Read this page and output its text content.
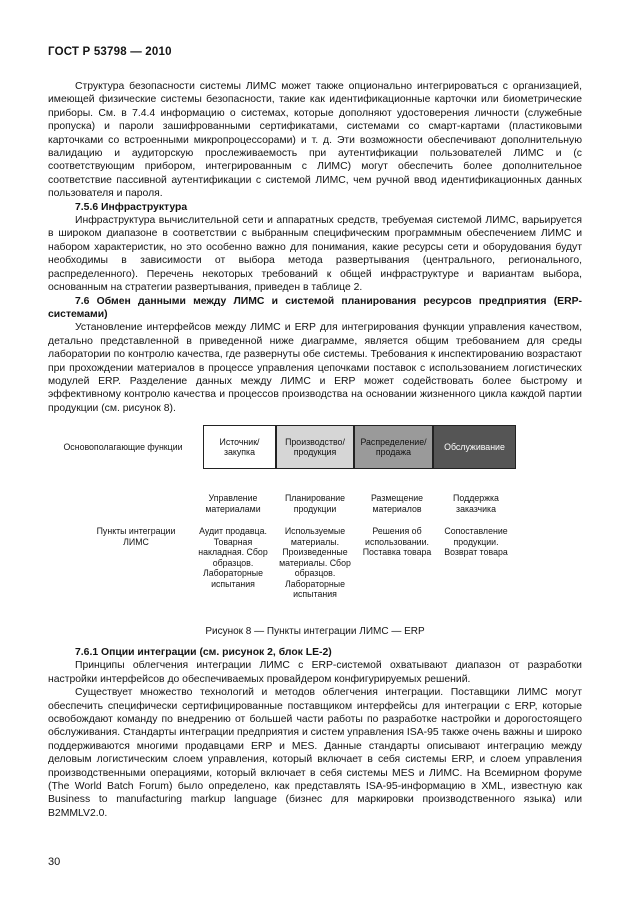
ГОСТ Р 53798 — 2010

Структура безопасности системы ЛИМС может также опционально интегрироваться с организацией, имеющей физические системы безопасности, такие как идентификационные карточки или биометрические приборы. См. в 7.4.4 информацию о системах, которые дополняют удостоверения личности (служебные пропуска) и пароли зашифрованными сертификатами, системами со смарт-картами (пластиковыми карточками со встроенными микропроцессорами) и т. д. Эти возможности обеспечивают дополнительную валидацию и аудиторскую прослеживаемость при аутентификации пользователей ЛИМС и (с соответствующим прибором, интегрированным с ЛИМС) могут обеспечить более дополнительное соответствие пассивной аутентификации с системой ЛИМС, чем ручной ввод идентификационных данных пользователя и пароля.

7.5.6 Инфраструктура

Инфраструктура вычислительной сети и аппаратных средств, требуемая системой ЛИМС, варьируется в широком диапазоне в соответствии с выбранным специфическим программным обеспечением ЛИМС и набором характеристик, но это особенно важно для понимания, какие ресурсы сети и оборудования будут необходимы в зависимости от выбора метода развертывания (центрального, регионального, распределенного). Перечень некоторых требований к общей инфраструктуре и вариантам выбора, основанным на стратегии развертывания, приведен в таблице 2.

7.6 Обмен данными между ЛИМС и системой планирования ресурсов предприятия (ERP-системами)

Установление интерфейсов между ЛИМС и ERP для интегрирования функции управления качеством, детально представленной в приведенной ниже диаграмме, является общим требованием для среды лаборатории по контролю качества, где развернуты обе системы. Требования к инспектированию возрастают при прохождении материалов в процессе управления цепочками поставок с использованием логистических модулей ERP. Разделение данных между ЛИМС и ERP может содействовать более быстрому и эффективному контролю качества и процессов производства на основании жизненного цикла каждой партии продукции (см. рисунок 8).

Основополагающие функции
Источник/ закупка
Производство/ продукция
Распределение/ продажа
Обслуживание
Управление материалами
Планирование продукции
Размещение материалов
Поддержка заказчика
Пункты интеграции ЛИМС
Аудит продавца. Товарная накладная. Сбор образцов. Лабораторные испытания
Используемые материалы. Произведенные материалы. Сбор образцов. Лабораторные испытания
Решения об использовании. Поставка товара
Сопоставление продукции. Возврат товара
Рисунок 8 — Пункты интеграции ЛИМС — ERP

7.6.1 Опции интеграции (см. рисунок 2, блок LE-2)

Принципы облегчения интеграции ЛИМС с ERP-системой охватывают диапазон от разработки настройки интерфейсов до обеспечиваемых провайдером конфигурируемых решений.

Существует множество технологий и методов облегчения интеграции. Поставщики ЛИМС могут обеспечить специфически сертифицированные поставщиком интерфейсы для интеграции с ERP, которые освобождают команду по внедрению от большей части работы по разработке настройки и дорогостоящего обслуживания. Стандарты интеграции предприятия и систем управления ISA-95 также очень важны и широко поддерживаются многими продавцами ERP и MES. Данные стандарты описывают интеграцию между деловым логистическим слоем управления, который включает в себя системы ERP, и слоем управления производственными операциями, который включает в себя системы MES и ЛИМС. На Всемирном форуме (The World Batch Forum) было определено, как представлять ISA-95-информацию в XML, известную как Business to manufacturing markup language (бизнес для маркировки производственного языка) или B2MMLV2.0.

30
